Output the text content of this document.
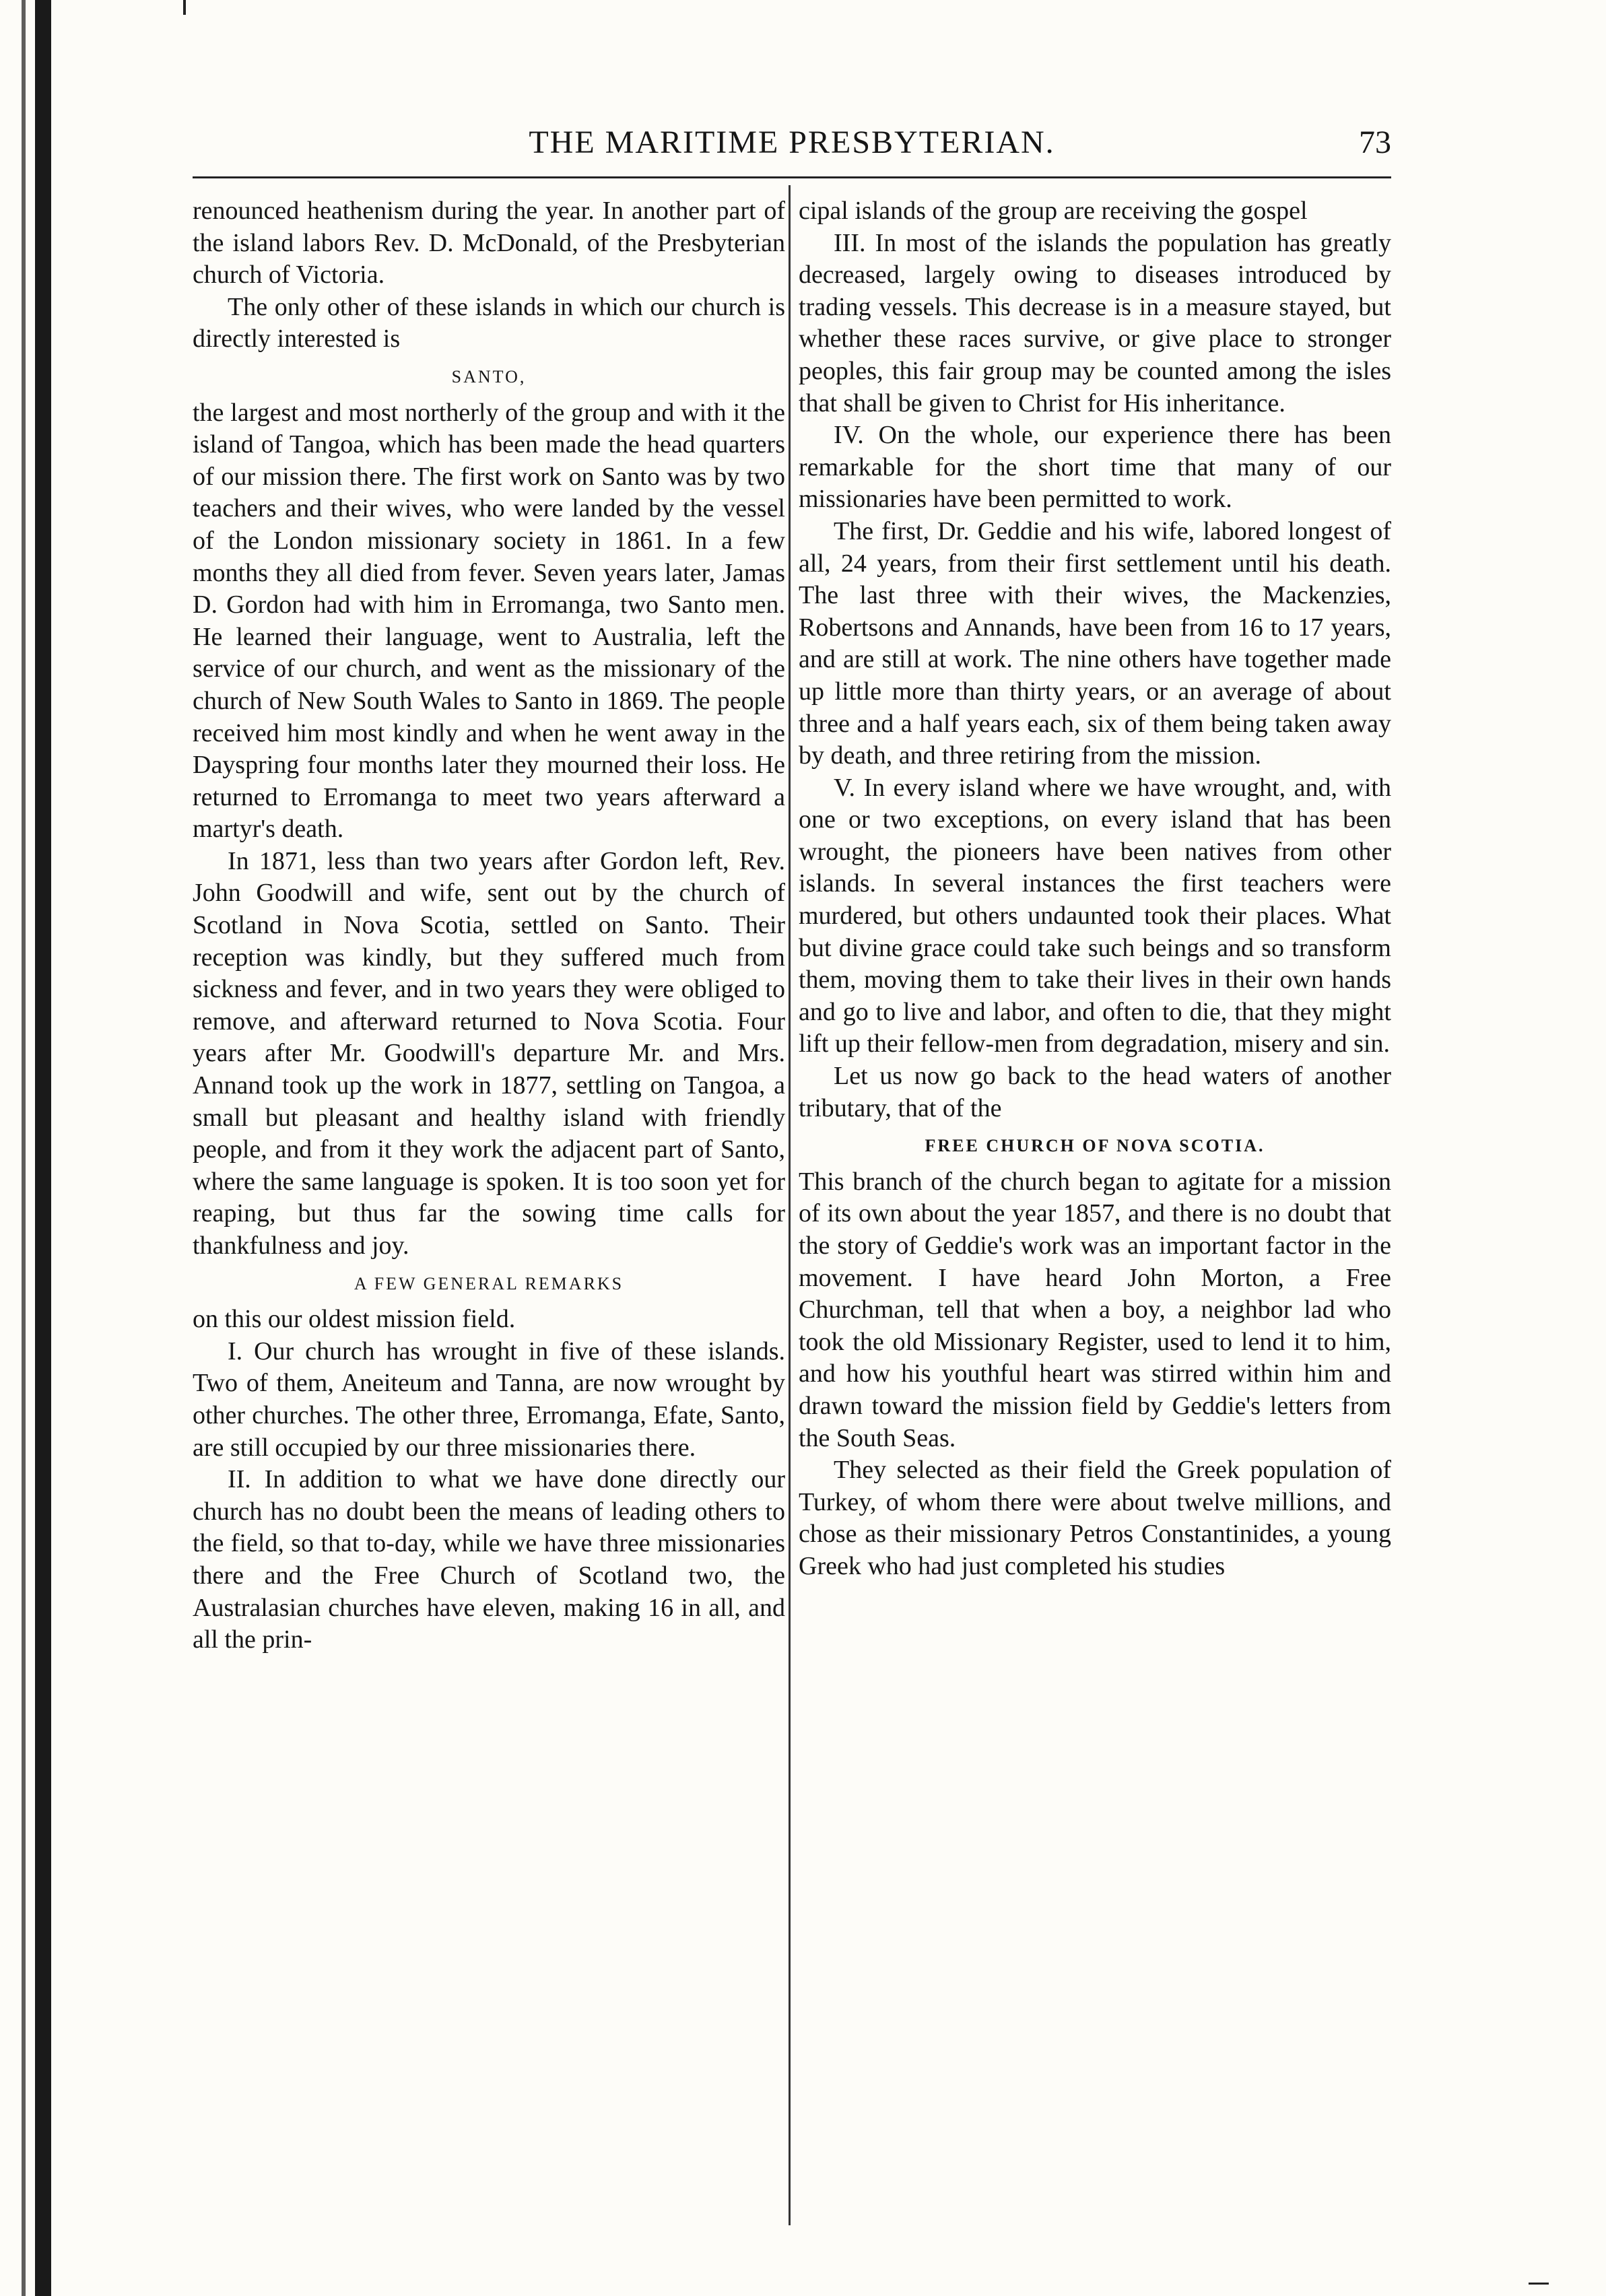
THE MARITIME PRESBYTERIAN.	73

renounced heathenism during the year. In another part of the island labors Rev. D. McDonald, of the Presbyterian church of Victoria.

The only other of these islands in which our church is directly interested is

SANTO,

the largest and most northerly of the group and with it the island of Tangoa, which has been made the head quarters of our mission there. The first work on Santo was by two teachers and their wives, who were landed by the vessel of the London missionary society in 1861. In a few months they all died from fever. Seven years later, Jamas D. Gordon had with him in Erromanga, two Santo men. He learned their language, went to Australia, left the service of our church, and went as the missionary of the church of New South Wales to Santo in 1869. The people received him most kindly and when he went away in the Dayspring four months later they mourned their loss. He returned to Erromanga to meet two years afterward a martyr's death.

In 1871, less than two years after Gordon left, Rev. John Goodwill and wife, sent out by the church of Scotland in Nova Scotia, settled on Santo. Their reception was kindly, but they suffered much from sickness and fever, and in two years they were obliged to remove, and afterward returned to Nova Scotia. Four years after Mr. Goodwill's departure Mr. and Mrs. Annand took up the work in 1877, settling on Tangoa, a small but pleasant and healthy island with friendly people, and from it they work the adjacent part of Santo, where the same language is spoken. It is too soon yet for reaping, but thus far the sowing time calls for thankfulness and joy.

A FEW GENERAL REMARKS

on this our oldest mission field.

I. Our church has wrought in five of these islands. Two of them, Aneiteum and Tanna, are now wrought by other churches. The other three, Erromanga, Efate, Santo, are still occupied by our three missionaries there.

II. In addition to what we have done directly our church has no doubt been the means of leading others to the field, so that to-day, while we have three missionaries there and the Free Church of Scotland two, the Australasian churches have eleven, making 16 in all, and all the prin-

cipal islands of the group are receiving the gospel

III. In most of the islands the population has greatly decreased, largely owing to diseases introduced by trading vessels. This decrease is in a measure stayed, but whether these races survive, or give place to stronger peoples, this fair group may be counted among the isles that shall be given to Christ for His inheritance.

IV. On the whole, our experience there has been remarkable for the short time that many of our missionaries have been permitted to work.

The first, Dr. Geddie and his wife, labored longest of all, 24 years, from their first settlement until his death. The last three with their wives, the Mackenzies, Robertsons and Annands, have been from 16 to 17 years, and are still at work. The nine others have together made up little more than thirty years, or an average of about three and a half years each, six of them being taken away by death, and three retiring from the mission.

V. In every island where we have wrought, and, with one or two exceptions, on every island that has been wrought, the pioneers have been natives from other islands. In several instances the first teachers were murdered, but others undaunted took their places. What but divine grace could take such beings and so transform them, moving them to take their lives in their own hands and go to live and labor, and often to die, that they might lift up their fellow-men from degradation, misery and sin.

Let us now go back to the head waters of another tributary, that of the

FREE CHURCH OF NOVA SCOTIA.

This branch of the church began to agitate for a mission of its own about the year 1857, and there is no doubt that the story of Geddie's work was an important factor in the movement. I have heard John Morton, a Free Churchman, tell that when a boy, a neighbor lad who took the old Missionary Register, used to lend it to him, and how his youthful heart was stirred within him and drawn toward the mission field by Geddie's letters from the South Seas.

They selected as their field the Greek population of Turkey, of whom there were about twelve millions, and chose as their missionary Petros Constantinides, a young Greek who had just completed his studies
